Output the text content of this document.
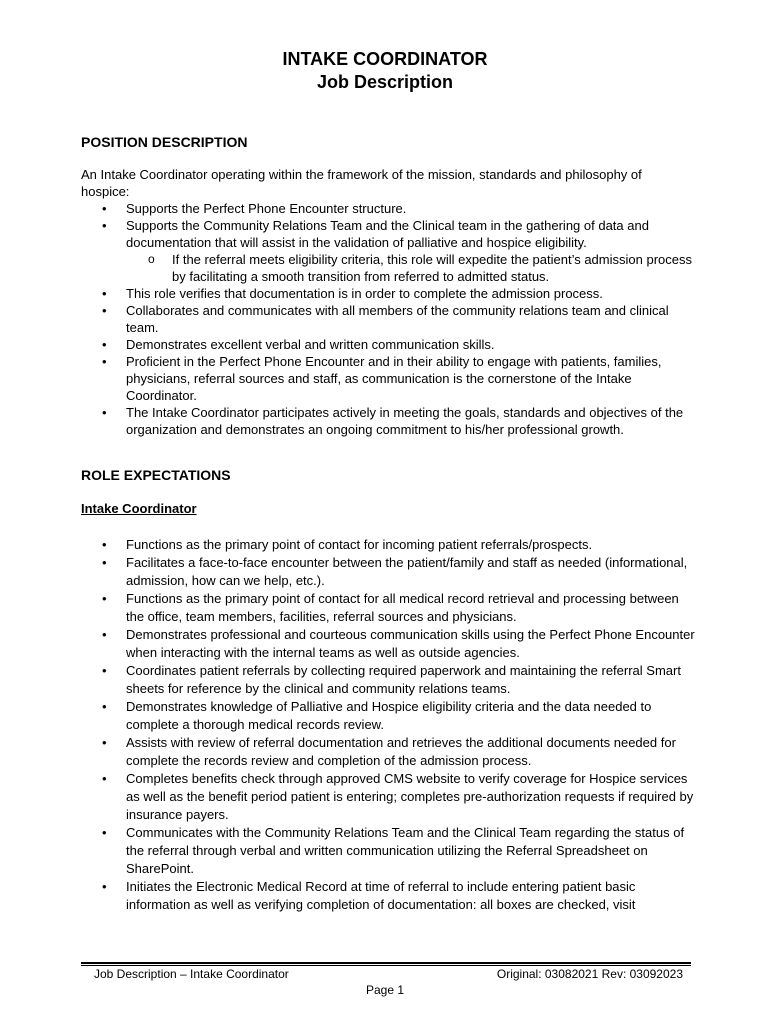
INTAKE COORDINATOR
Job Description
POSITION DESCRIPTION

An Intake Coordinator operating within the framework of the mission, standards and philosophy of hospice:

• Supports the Perfect Phone Encounter structure.
• Supports the Community Relations Team and the Clinical team in the gathering of data and documentation that will assist in the validation of palliative and hospice eligibility.
o If the referral meets eligibility criteria, this role will expedite the patient’s admission process by facilitating a smooth transition from referred to admitted status.
• This role verifies that documentation is in order to complete the admission process.
• Collaborates and communicates with all members of the community relations team and clinical team.
• Demonstrates excellent verbal and written communication skills.
• Proficient in the Perfect Phone Encounter and in their ability to engage with patients, families, physicians, referral sources and staff, as communication is the cornerstone of the Intake Coordinator.
• The Intake Coordinator participates actively in meeting the goals, standards and objectives of the organization and demonstrates an ongoing commitment to his/her professional growth.
ROLE EXPECTATIONS
Intake Coordinator
• Functions as the primary point of contact for incoming patient referrals/prospects.
• Facilitates a face-to-face encounter between the patient/family and staff as needed (informational, admission, how can we help, etc.).
• Functions as the primary point of contact for all medical record retrieval and processing between the office, team members, facilities, referral sources and physicians.
• Demonstrates professional and courteous communication skills using the Perfect Phone Encounter when interacting with the internal teams as well as outside agencies.
• Coordinates patient referrals by collecting required paperwork and maintaining the referral Smart sheets for reference by the clinical and community relations teams.
• Demonstrates knowledge of Palliative and Hospice eligibility criteria and the data needed to complete a thorough medical records review.
• Assists with review of referral documentation and retrieves the additional documents needed for complete the records review and completion of the admission process.
• Completes benefits check through approved CMS website to verify coverage for Hospice services as well as the benefit period patient is entering; completes pre-authorization requests if required by insurance payers.
• Communicates with the Community Relations Team and the Clinical Team regarding the status of the referral through verbal and written communication utilizing the Referral Spreadsheet on SharePoint.
• Initiates the Electronic Medical Record at time of referral to include entering patient basic information as well as verifying completion of documentation: all boxes are checked, visit

Job Description – Intake Coordinator	Original: 03082021 Rev: 03092023

Page 1
